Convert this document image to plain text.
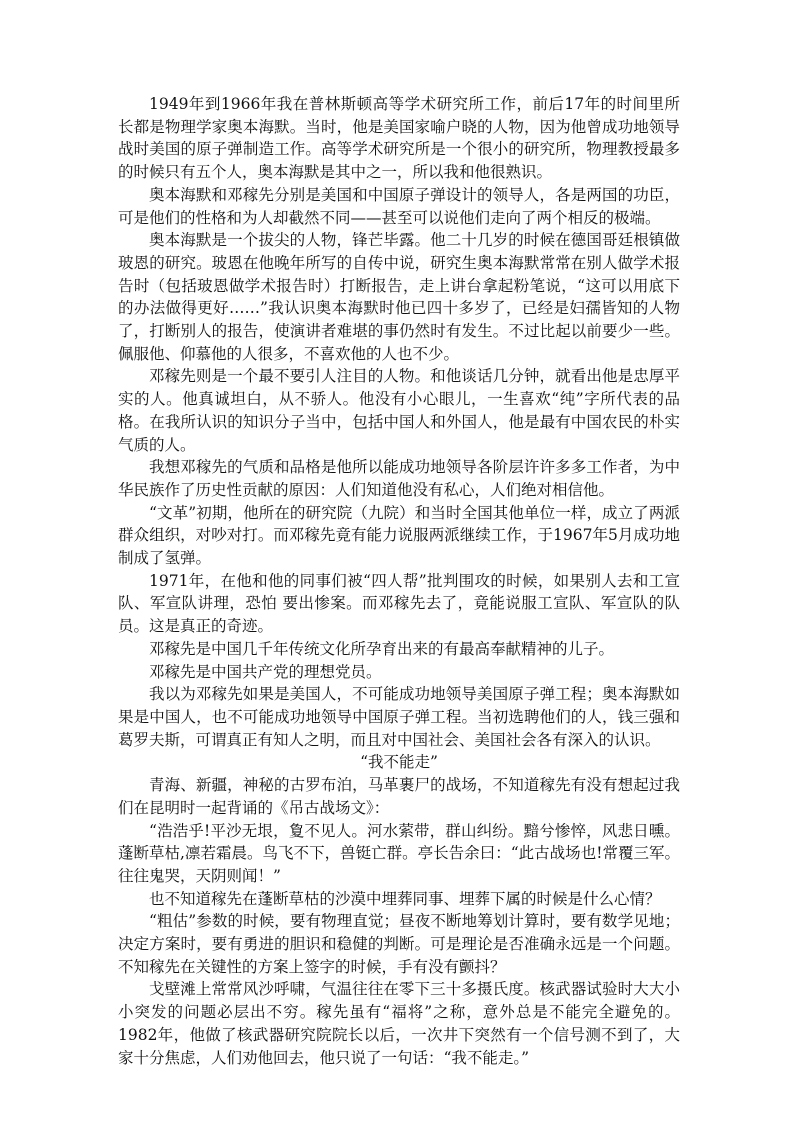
1949年到1966年我在普林斯顿高等学术研究所工作，前后17年的时间里所长都是物理学家奥本海默。当时，他是美国家喻户晓的人物，因为他曾成功地领导战时美国的原子弹制造工作。高等学术研究所是一个很小的研究所，物理教授最多的时候只有五个人，奥本海默是其中之一，所以我和他很熟识。

奥本海默和邓稼先分别是美国和中国原子弹设计的领导人，各是两国的功臣，可是他们的性格和为人却截然不同——甚至可以说他们走向了两个相反的极端。

奥本海默是一个拔尖的人物，锋芒毕露。他二十几岁的时候在德国哥廷根镇做玻恩的研究。玻恩在他晚年所写的自传中说，研究生奥本海默常常在别人做学术报告时（包括玻恩做学术报告时）打断报告，走上讲台拿起粉笔说，“这可以用底下的办法做得更好……”我认识奥本海默时他已四十多岁了，已经是妇孺皆知的人物了，打断别人的报告，使演讲者难堪的事仍然时有发生。不过比起以前要少一些。佩服他、仰慕他的人很多，不喜欢他的人也不少。

邓稼先则是一个最不要引人注目的人物。和他谈话几分钟，就看出他是忠厚平实的人。他真诚坦白，从不骄人。他没有小心眼儿，一生喜欢“纯”字所代表的品格。在我所认识的知识分子当中，包括中国人和外国人，他是最有中国农民的朴实气质的人。

我想邓稼先的气质和品格是他所以能成功地领导各阶层许许多多工作者，为中华民族作了历史性贡献的原因：人们知道他没有私心，人们绝对相信他。

“文革”初期，他所在的研究院（九院）和当时全国其他单位一样，成立了两派群众组织，对吵对打。而邓稼先竟有能力说服两派继续工作，于1967年5月成功地制成了氢弹。

1971年，在他和他的同事们被“四人帮”批判围攻的时候，如果别人去和工宣队、军宣队讲理，恐怕 要出惨案。而邓稼先去了，竟能说服工宣队、军宣队的队员。这是真正的奇迹。

邓稼先是中国几千年传统文化所孕育出来的有最高奉献精神的儿子。

邓稼先是中国共产党的理想党员。

我以为邓稼先如果是美国人，不可能成功地领导美国原子弹工程；奥本海默如果是中国人，也不可能成功地领导中国原子弹工程。当初选聘他们的人，钱三强和葛罗夫斯，可谓真正有知人之明，而且对中国社会、美国社会各有深入的认识。

“我不能走”

青海、新疆，神秘的古罗布泊，马革裹尸的战场，不知道稼先有没有想起过我们在昆明时一起背诵的《吊古战场文》：

“浩浩乎!平沙无垠，夐不见人。河水萦带，群山纠纷。黯兮惨悴，风悲日曛。蓬断草枯,凛若霜晨。鸟飞不下，兽铤亡群。亭长告余曰：“此古战场也!常覆三军。往往鬼哭，天阴则闻！”

也不知道稼先在蓬断草枯的沙漠中埋葬同事、埋葬下属的时候是什么心情？

“粗估”参数的时候，要有物理直觉；昼夜不断地筹划计算时，要有数学见地；决定方案时，要有勇进的胆识和稳健的判断。可是理论是否准确永远是一个问题。不知稼先在关键性的方案上签字的时候，手有没有颤抖？

戈壁滩上常常风沙呼啸，气温往往在零下三十多摄氏度。核武器试验时大大小小突发的问题必层出不穷。稼先虽有“福将”之称，意外总是不能完全避免的。1982年，他做了核武器研究院院长以后，一次井下突然有一个信号测不到了，大家十分焦虑，人们劝他回去，他只说了一句话：“我不能走。”
